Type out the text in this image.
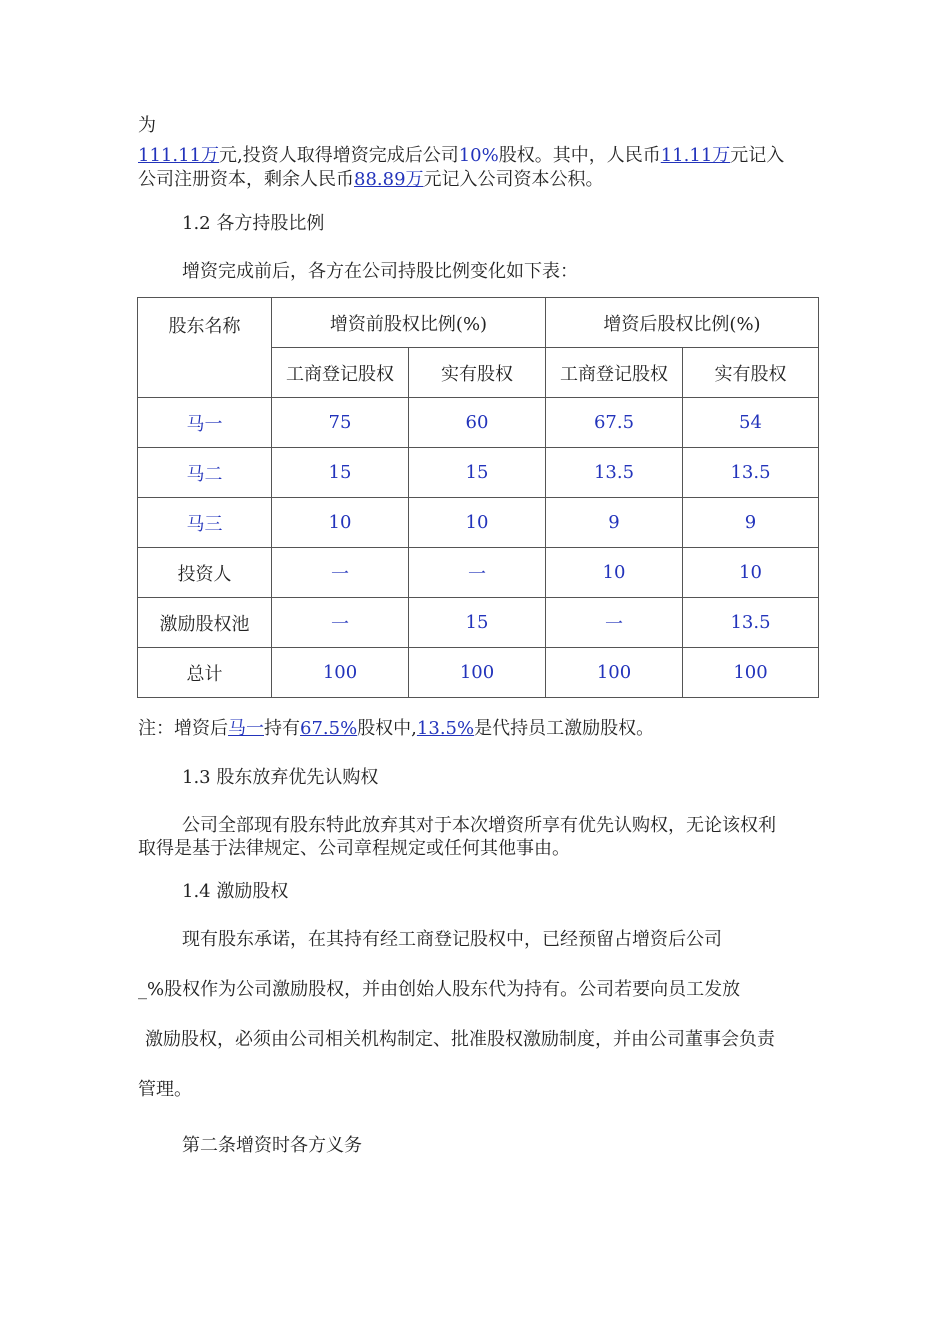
为
111.11万元,投资人取得增资完成后公司10%股权。其中，人民币11.11万元记入
公司注册资本，剩余人民币88.89万元记入公司资本公积。
1.2 各方持股比例
增资完成前后，各方在公司持股比例变化如下表：
股东名称	增资前股权比例(%)		增资后股权比例(%)	
	工商登记股权	实有股权	工商登记股权	实有股权
马一	75	60	67.5	54
马二	15	15	13.5	13.5
马三	10	10	9	9
投资人	一	一	10	10
激励股权池	一	15	一	13.5
总计	100	100	100	100
注：增资后马一持有67.5%股权中,13.5%是代持员工激励股权。
1.3 股东放弃优先认购权
公司全部现有股东特此放弃其对于本次增资所享有优先认购权，无论该权利
取得是基于法律规定、公司章程规定或任何其他事由。
1.4 激励股权
现有股东承诺，在其持有经工商登记股权中，已经预留占增资后公司
_%股权作为公司激励股权，并由创始人股东代为持有。公司若要向员工发放
激励股权，必须由公司相关机构制定、批准股权激励制度，并由公司董事会负责
管理。
第二条增资时各方义务
